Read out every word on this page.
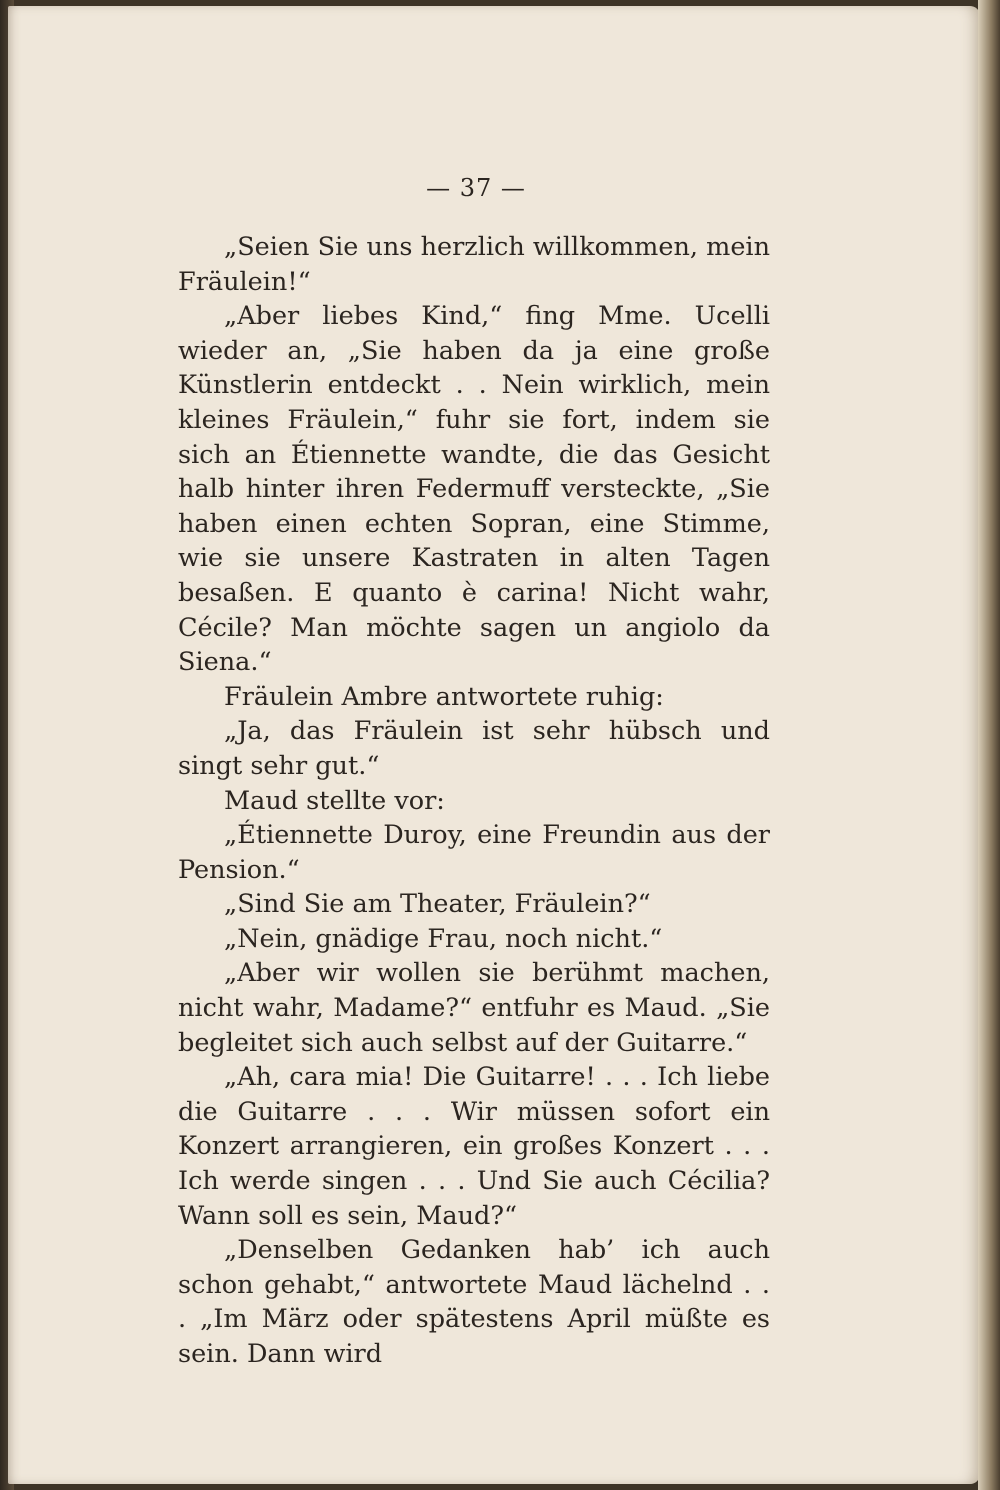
— 37 —

„Seien Sie uns herzlich willkommen, mein Fräulein!“

„Aber liebes Kind,“ fing Mme. Ucelli wieder an, „Sie haben da ja eine große Künstlerin entdeckt . . Nein wirklich, mein kleines Fräulein,“ fuhr sie fort, indem sie sich an Étiennette wandte, die das Gesicht halb hinter ihren Federmuff versteckte, „Sie haben einen echten Sopran, eine Stimme, wie sie unsere Kastraten in alten Tagen besaßen. E quanto è carina! Nicht wahr, Cécile? Man möchte sagen un angiolo da Siena.“

Fräulein Ambre antwortete ruhig:

„Ja, das Fräulein ist sehr hübsch und singt sehr gut.“

Maud stellte vor:

„Étiennette Duroy, eine Freundin aus der Pension.“

„Sind Sie am Theater, Fräulein?“

„Nein, gnädige Frau, noch nicht.“

„Aber wir wollen sie berühmt machen, nicht wahr, Madame?“ entfuhr es Maud. „Sie begleitet sich auch selbst auf der Guitarre.“

„Ah, cara mia! Die Guitarre! . . . Ich liebe die Guitarre . . . Wir müssen sofort ein Konzert arrangieren, ein großes Konzert . . . Ich werde singen . . . Und Sie auch Cécilia? Wann soll es sein, Maud?“

„Denselben Gedanken hab’ ich auch schon gehabt,“ antwortete Maud lächelnd . . . „Im März oder spätestens April müßte es sein. Dann wird
